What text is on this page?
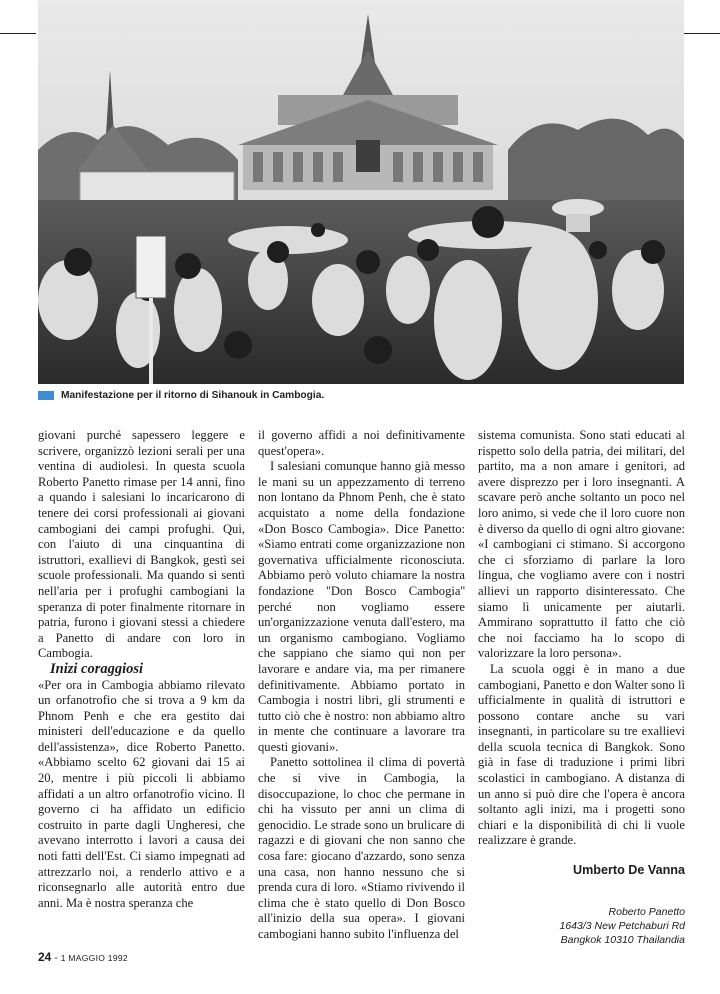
Manifestazione per il ritorno di Sihanouk in Cambogia.

giovani purché sapessero leggere e scrivere, organizzò lezioni serali per una ventina di audiolesi. In questa scuola Roberto Panetto rimase per 14 anni, fino a quando i salesiani lo incaricarono di tenere dei corsi professionali ai giovani cambogiani dei campi profughi. Qui, con l'aiuto di una cinquantina di istruttori, exallievi di Bangkok, gestì sei scuole professionali. Ma quando si sentì nell'aria per i profughi cambogiani la speranza di poter finalmente ritornare in patria, furono i giovani stessi a chiedere a Panetto di andare con loro in Cambogia.

Inizi coraggiosi

«Per ora in Cambogia abbiamo rilevato un orfanotrofio che si trova a 9 km da Phnom Penh e che era gestito dai ministeri dell'educazione e da quello dell'assistenza», dice Roberto Panetto. «Abbiamo scelto 62 giovani dai 15 ai 20, mentre i più piccoli li abbiamo affidati a un altro orfanotrofio vicino. Il governo ci ha affidato un edificio costruito in parte dagli Ungheresi, che avevano interrotto i lavori a causa dei noti fatti dell'Est. Ci siamo impegnati ad attrezzarlo noi, a renderlo attivo e a riconsegnarlo alle autorità entro due anni. Ma è nostra speranza che

il governo affidi a noi definitivamente quest'opera».

I salesiani comunque hanno già messo le mani su un appezzamento di terreno non lontano da Phnom Penh, che è stato acquistato a nome della fondazione «Don Bosco Cambogia». Dice Panetto: «Siamo entrati come organizzazione non governativa ufficialmente riconosciuta. Abbiamo però voluto chiamare la nostra fondazione ''Don Bosco Cambogia'' perché non vogliamo essere un'organizzazione venuta dall'estero, ma un organismo cambogiano. Vogliamo che sappiano che siamo qui non per lavorare e andare via, ma per rimanere definitivamente. Abbiamo portato in Cambogia i nostri libri, gli strumenti e tutto ciò che è nostro: non abbiamo altro in mente che continuare a lavorare tra questi giovani».

Panetto sottolinea il clima di povertà che si vive in Cambogia, la disoccupazione, lo choc che permane in chi ha vissuto per anni un clima di genocidio. Le strade sono un brulicare di ragazzi e di giovani che non sanno che cosa fare: giocano d'azzardo, sono senza una casa, non hanno nessuno che si prenda cura di loro. «Stiamo rivivendo il clima che è stato quello di Don Bosco all'inizio della sua opera». I giovani cambogiani hanno subito l'influenza del

sistema comunista. Sono stati educati al rispetto solo della patria, dei militari, del partito, ma a non amare i genitori, ad avere disprezzo per i loro insegnanti. A scavare però anche soltanto un poco nel loro animo, si vede che il loro cuore non è diverso da quello di ogni altro giovane: «I cambogiani ci stimano. Si accorgono che ci sforziamo di parlare la loro lingua, che vogliamo avere con i nostri allievi un rapporto disinteressato. Che siamo lì unicamente per aiutarli. Ammirano soprattutto il fatto che ciò che noi facciamo ha lo scopo di valorizzare la loro persona».

La scuola oggi è in mano a due cambogiani, Panetto e don Walter sono lì ufficialmente in qualità di istruttori e possono contare anche su vari insegnanti, in particolare su tre exallievi della scuola tecnica di Bangkok. Sono già in fase di traduzione i primi libri scolastici in cambogiano. A distanza di un anno si può dire che l'opera è ancora soltanto agli inizi, ma i progetti sono chiari e la disponibilità di chi li vuole realizzare è grande.

Umberto De Vanna
Roberto Panetto
1643/3 New Petchaburi Rd
Bangkok 10310 Thailandia
24 - 1 MAGGIO 1992
